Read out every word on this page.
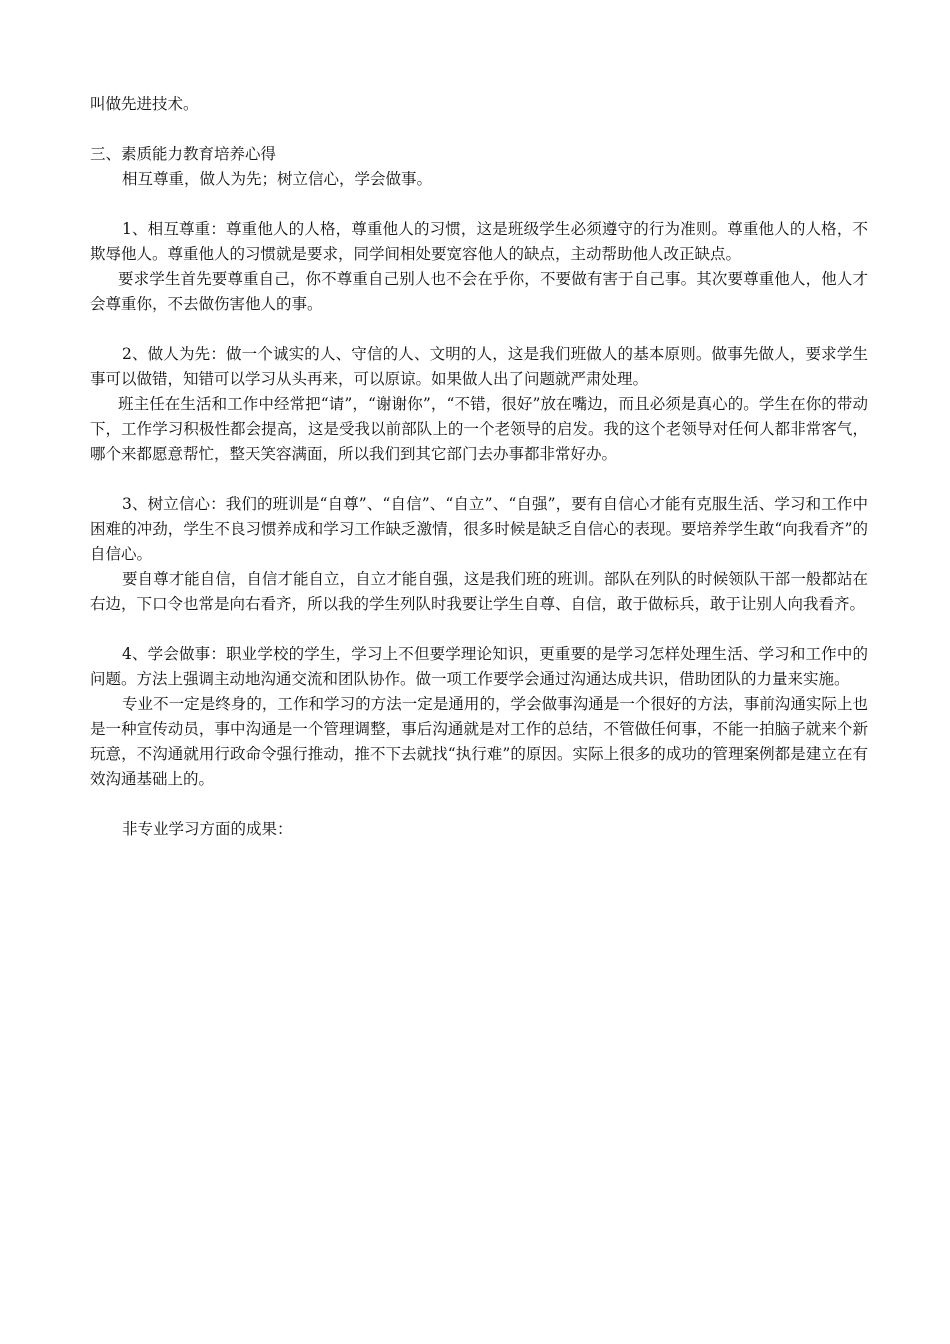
叫做先进技术。

三、素质能力教育培养心得

相互尊重，做人为先；树立信心，学会做事。

1、相互尊重：尊重他人的人格，尊重他人的习惯，这是班级学生必须遵守的行为准则。尊重他人的人格，不欺辱他人。尊重他人的习惯就是要求，同学间相处要宽容他人的缺点，主动帮助他人改正缺点。

要求学生首先要尊重自己，你不尊重自己别人也不会在乎你，不要做有害于自己事。其次要尊重他人，他人才会尊重你，不去做伤害他人的事。

2、做人为先：做一个诚实的人、守信的人、文明的人，这是我们班做人的基本原则。做事先做人，要求学生事可以做错，知错可以学习从头再来，可以原谅。如果做人出了问题就严肃处理。

班主任在生活和工作中经常把“请”，“谢谢你”，“不错，很好”放在嘴边，而且必须是真心的。学生在你的带动下，工作学习积极性都会提高，这是受我以前部队上的一个老领导的启发。我的这个老领导对任何人都非常客气，哪个来都愿意帮忙，整天笑容满面，所以我们到其它部门去办事都非常好办。

3、树立信心：我们的班训是“自尊”、“自信”、“自立”、“自强”，要有自信心才能有克服生活、学习和工作中困难的冲劲，学生不良习惯养成和学习工作缺乏激情，很多时候是缺乏自信心的表现。要培养学生敢“向我看齐”的自信心。

要自尊才能自信，自信才能自立，自立才能自强，这是我们班的班训。部队在列队的时候领队干部一般都站在右边，下口令也常是向右看齐，所以我的学生列队时我要让学生自尊、自信，敢于做标兵，敢于让别人向我看齐。

4、学会做事：职业学校的学生，学习上不但要学理论知识，更重要的是学习怎样处理生活、学习和工作中的问题。方法上强调主动地沟通交流和团队协作。做一项工作要学会通过沟通达成共识，借助团队的力量来实施。

专业不一定是终身的，工作和学习的方法一定是通用的，学会做事沟通是一个很好的方法，事前沟通实际上也是一种宣传动员，事中沟通是一个管理调整，事后沟通就是对工作的总结，不管做任何事，不能一拍脑子就来个新玩意，不沟通就用行政命令强行推动，推不下去就找“执行难”的原因。实际上很多的成功的管理案例都是建立在有效沟通基础上的。

非专业学习方面的成果：
